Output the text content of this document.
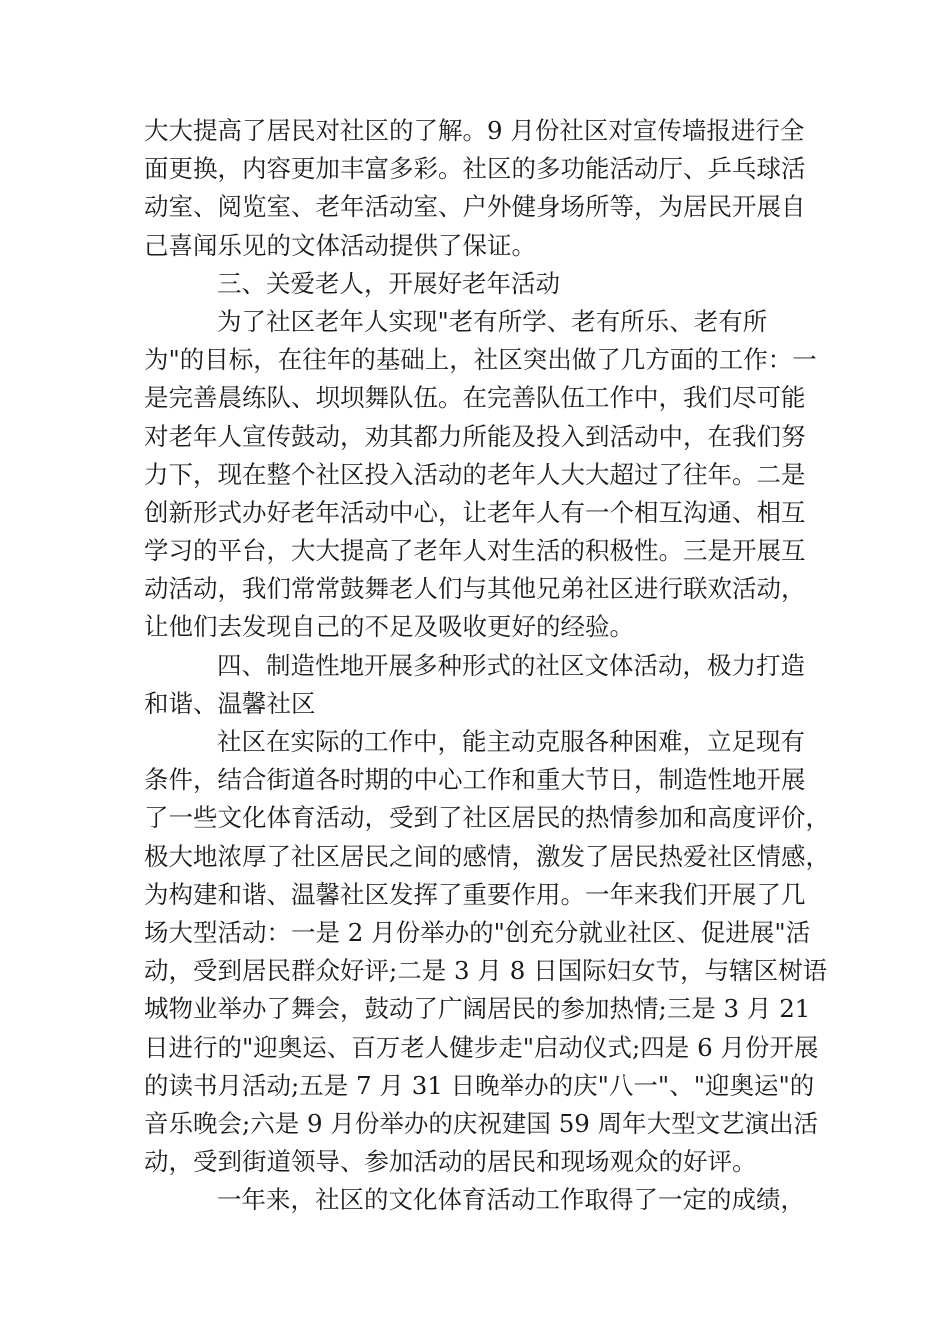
大大提高了居民对社区的了解。9 月份社区对宣传墙报进行全
面更换，内容更加丰富多彩。社区的多功能活动厅、乒乓球活
动室、阅览室、老年活动室、户外健身场所等，为居民开展自
己喜闻乐见的文体活动提供了保证。
三、关爱老人，开展好老年活动
为了社区老年人实现"老有所学、老有所乐、老有所
为"的目标，在往年的基础上，社区突出做了几方面的工作：一
是完善晨练队、坝坝舞队伍。在完善队伍工作中，我们尽可能
对老年人宣传鼓动，劝其都力所能及投入到活动中，在我们努
力下，现在整个社区投入活动的老年人大大超过了往年。二是
创新形式办好老年活动中心，让老年人有一个相互沟通、相互
学习的平台，大大提高了老年人对生活的积极性。三是开展互
动活动，我们常常鼓舞老人们与其他兄弟社区进行联欢活动，
让他们去发现自己的不足及吸收更好的经验。
四、制造性地开展多种形式的社区文体活动，极力打造
和谐、温馨社区
社区在实际的工作中，能主动克服各种困难，立足现有
条件，结合街道各时期的中心工作和重大节日，制造性地开展
了一些文化体育活动，受到了社区居民的热情参加和高度评价，
极大地浓厚了社区居民之间的感情，激发了居民热爱社区情感，
为构建和谐、温馨社区发挥了重要作用。一年来我们开展了几
场大型活动：一是 2 月份举办的"创充分就业社区、促进展"活
动，受到居民群众好评;二是 3 月 8 日国际妇女节，与辖区树语
城物业举办了舞会，鼓动了广阔居民的参加热情;三是 3 月 21
日进行的"迎奥运、百万老人健步走"启动仪式;四是 6 月份开展
的读书月活动;五是 7 月 31 日晚举办的庆"八一"、"迎奥运"的
音乐晚会;六是 9 月份举办的庆祝建国 59 周年大型文艺演出活
动，受到街道领导、参加活动的居民和现场观众的好评。
一年来，社区的文化体育活动工作取得了一定的成绩，
